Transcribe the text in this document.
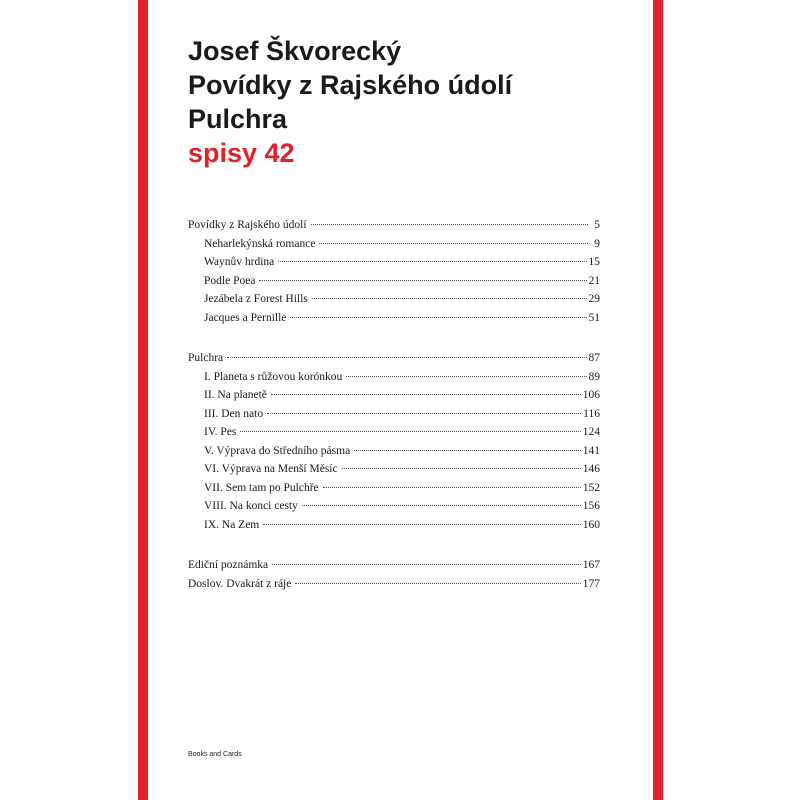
Josef Škvorecký
Povídky z Rajského údolí
Pulchra
spisy 42
Povídky z Rajského údolí	5
Neharlekýnská romance	9
Waynův hrdina	15
Podle Poea	21
Jezábela z Forest Hills	29
Jacques a Pernille	51
Pulchra	87
I. Planeta s růžovou korónkou	89
II. Na planetě	106
III. Den nato	116
IV. Pes	124
V. Výprava do Středního pásma	141
VI. Výprava na Menší Měsíc	146
VII. Sem tam po Pulchře	152
VIII. Na konci cesty	156
IX. Na Zem	160
Ediční poznámka	167
Doslov. Dvakrát z ráje	177
Books and Cards
